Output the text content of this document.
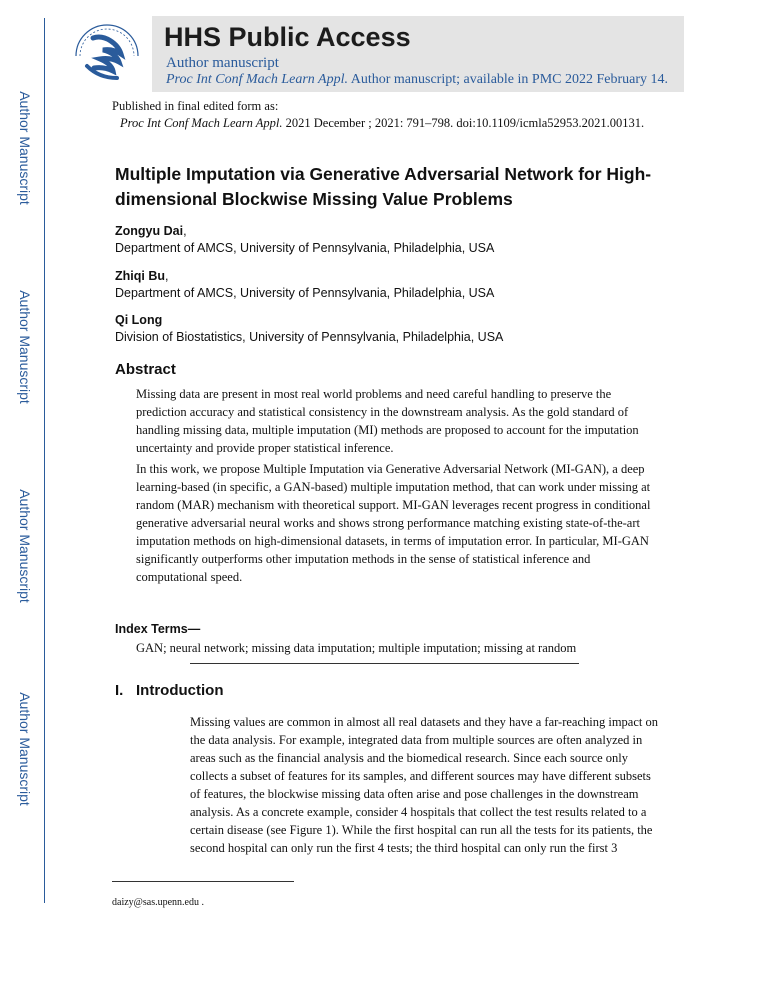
Author Manuscript
Author Manuscript
Author Manuscript
Author Manuscript
HHS Public Access
Author manuscript
Proc Int Conf Mach Learn Appl. Author manuscript; available in PMC 2022 February 14.
Published in final edited form as:
Proc Int Conf Mach Learn Appl. 2021 December ; 2021: 791–798. doi:10.1109/icmla52953.2021.00131.
Multiple Imputation via Generative Adversarial Network for High-dimensional Blockwise Missing Value Problems
Zongyu Dai,
Department of AMCS, University of Pennsylvania, Philadelphia, USA
Zhiqi Bu,
Department of AMCS, University of Pennsylvania, Philadelphia, USA
Qi Long
Division of Biostatistics, University of Pennsylvania, Philadelphia, USA
Abstract
Missing data are present in most real world problems and need careful handling to preserve the prediction accuracy and statistical consistency in the downstream analysis. As the gold standard of handling missing data, multiple imputation (MI) methods are proposed to account for the imputation uncertainty and provide proper statistical inference.
In this work, we propose Multiple Imputation via Generative Adversarial Network (MI-GAN), a deep learning-based (in specific, a GAN-based) multiple imputation method, that can work under missing at random (MAR) mechanism with theoretical support. MI-GAN leverages recent progress in conditional generative adversarial neural works and shows strong performance matching existing state-of-the-art imputation methods on high-dimensional datasets, in terms of imputation error. In particular, MI-GAN significantly outperforms other imputation methods in the sense of statistical inference and computational speed.
Index Terms—
GAN; neural network; missing data imputation; multiple imputation; missing at random
I. Introduction
Missing values are common in almost all real datasets and they have a far-reaching impact on the data analysis. For example, integrated data from multiple sources are often analyzed in areas such as the financial analysis and the biomedical research. Since each source only collects a subset of features for its samples, and different sources may have different subsets of features, the blockwise missing data often arise and pose challenges in the downstream analysis. As a concrete example, consider 4 hospitals that collect the test results related to a certain disease (see Figure 1). While the first hospital can run all the tests for its patients, the second hospital can only run the first 4 tests; the third hospital can only run the first 3
daizy@sas.upenn.edu .
